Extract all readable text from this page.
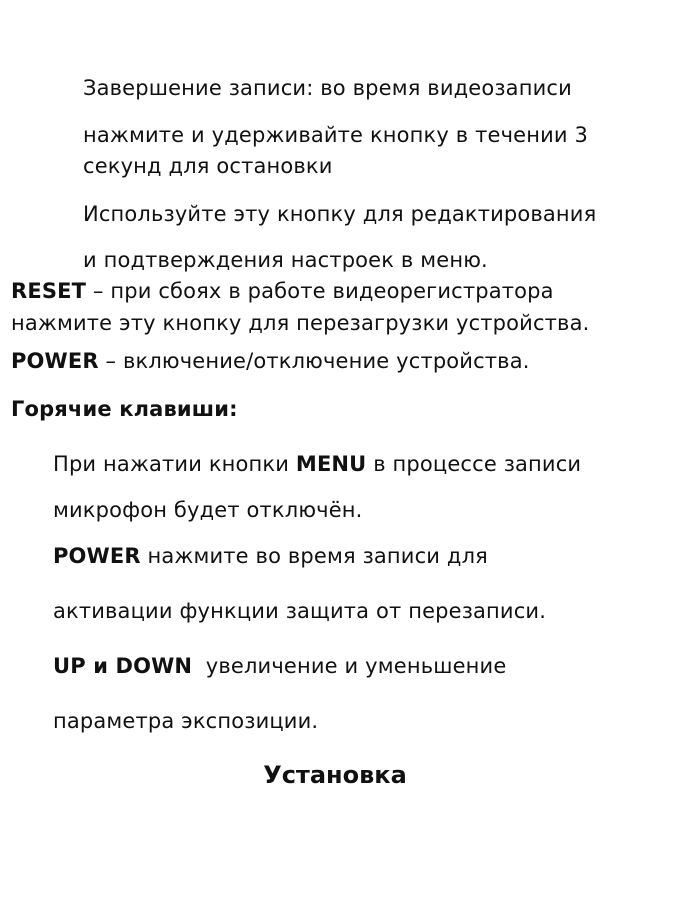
Завершение записи: во время видеозаписи
нажмите и удерживайте кнопку в течении 3
секунд для остановки
Используйте эту кнопку для редактирования
и подтверждения настроек в меню.
RESET – при сбоях в работе видеорегистратора
нажмите эту кнопку для перезагрузки устройства.
POWER – включение/отключение устройства.
Горячие клавиши:
При нажатии кнопки MENU в процессе записи
микрофон будет отключён.
POWER нажмите во время записи для
активации функции защита от перезаписи.
UP и DOWN  увеличение и уменьшение
параметра экспозиции.
Установка
